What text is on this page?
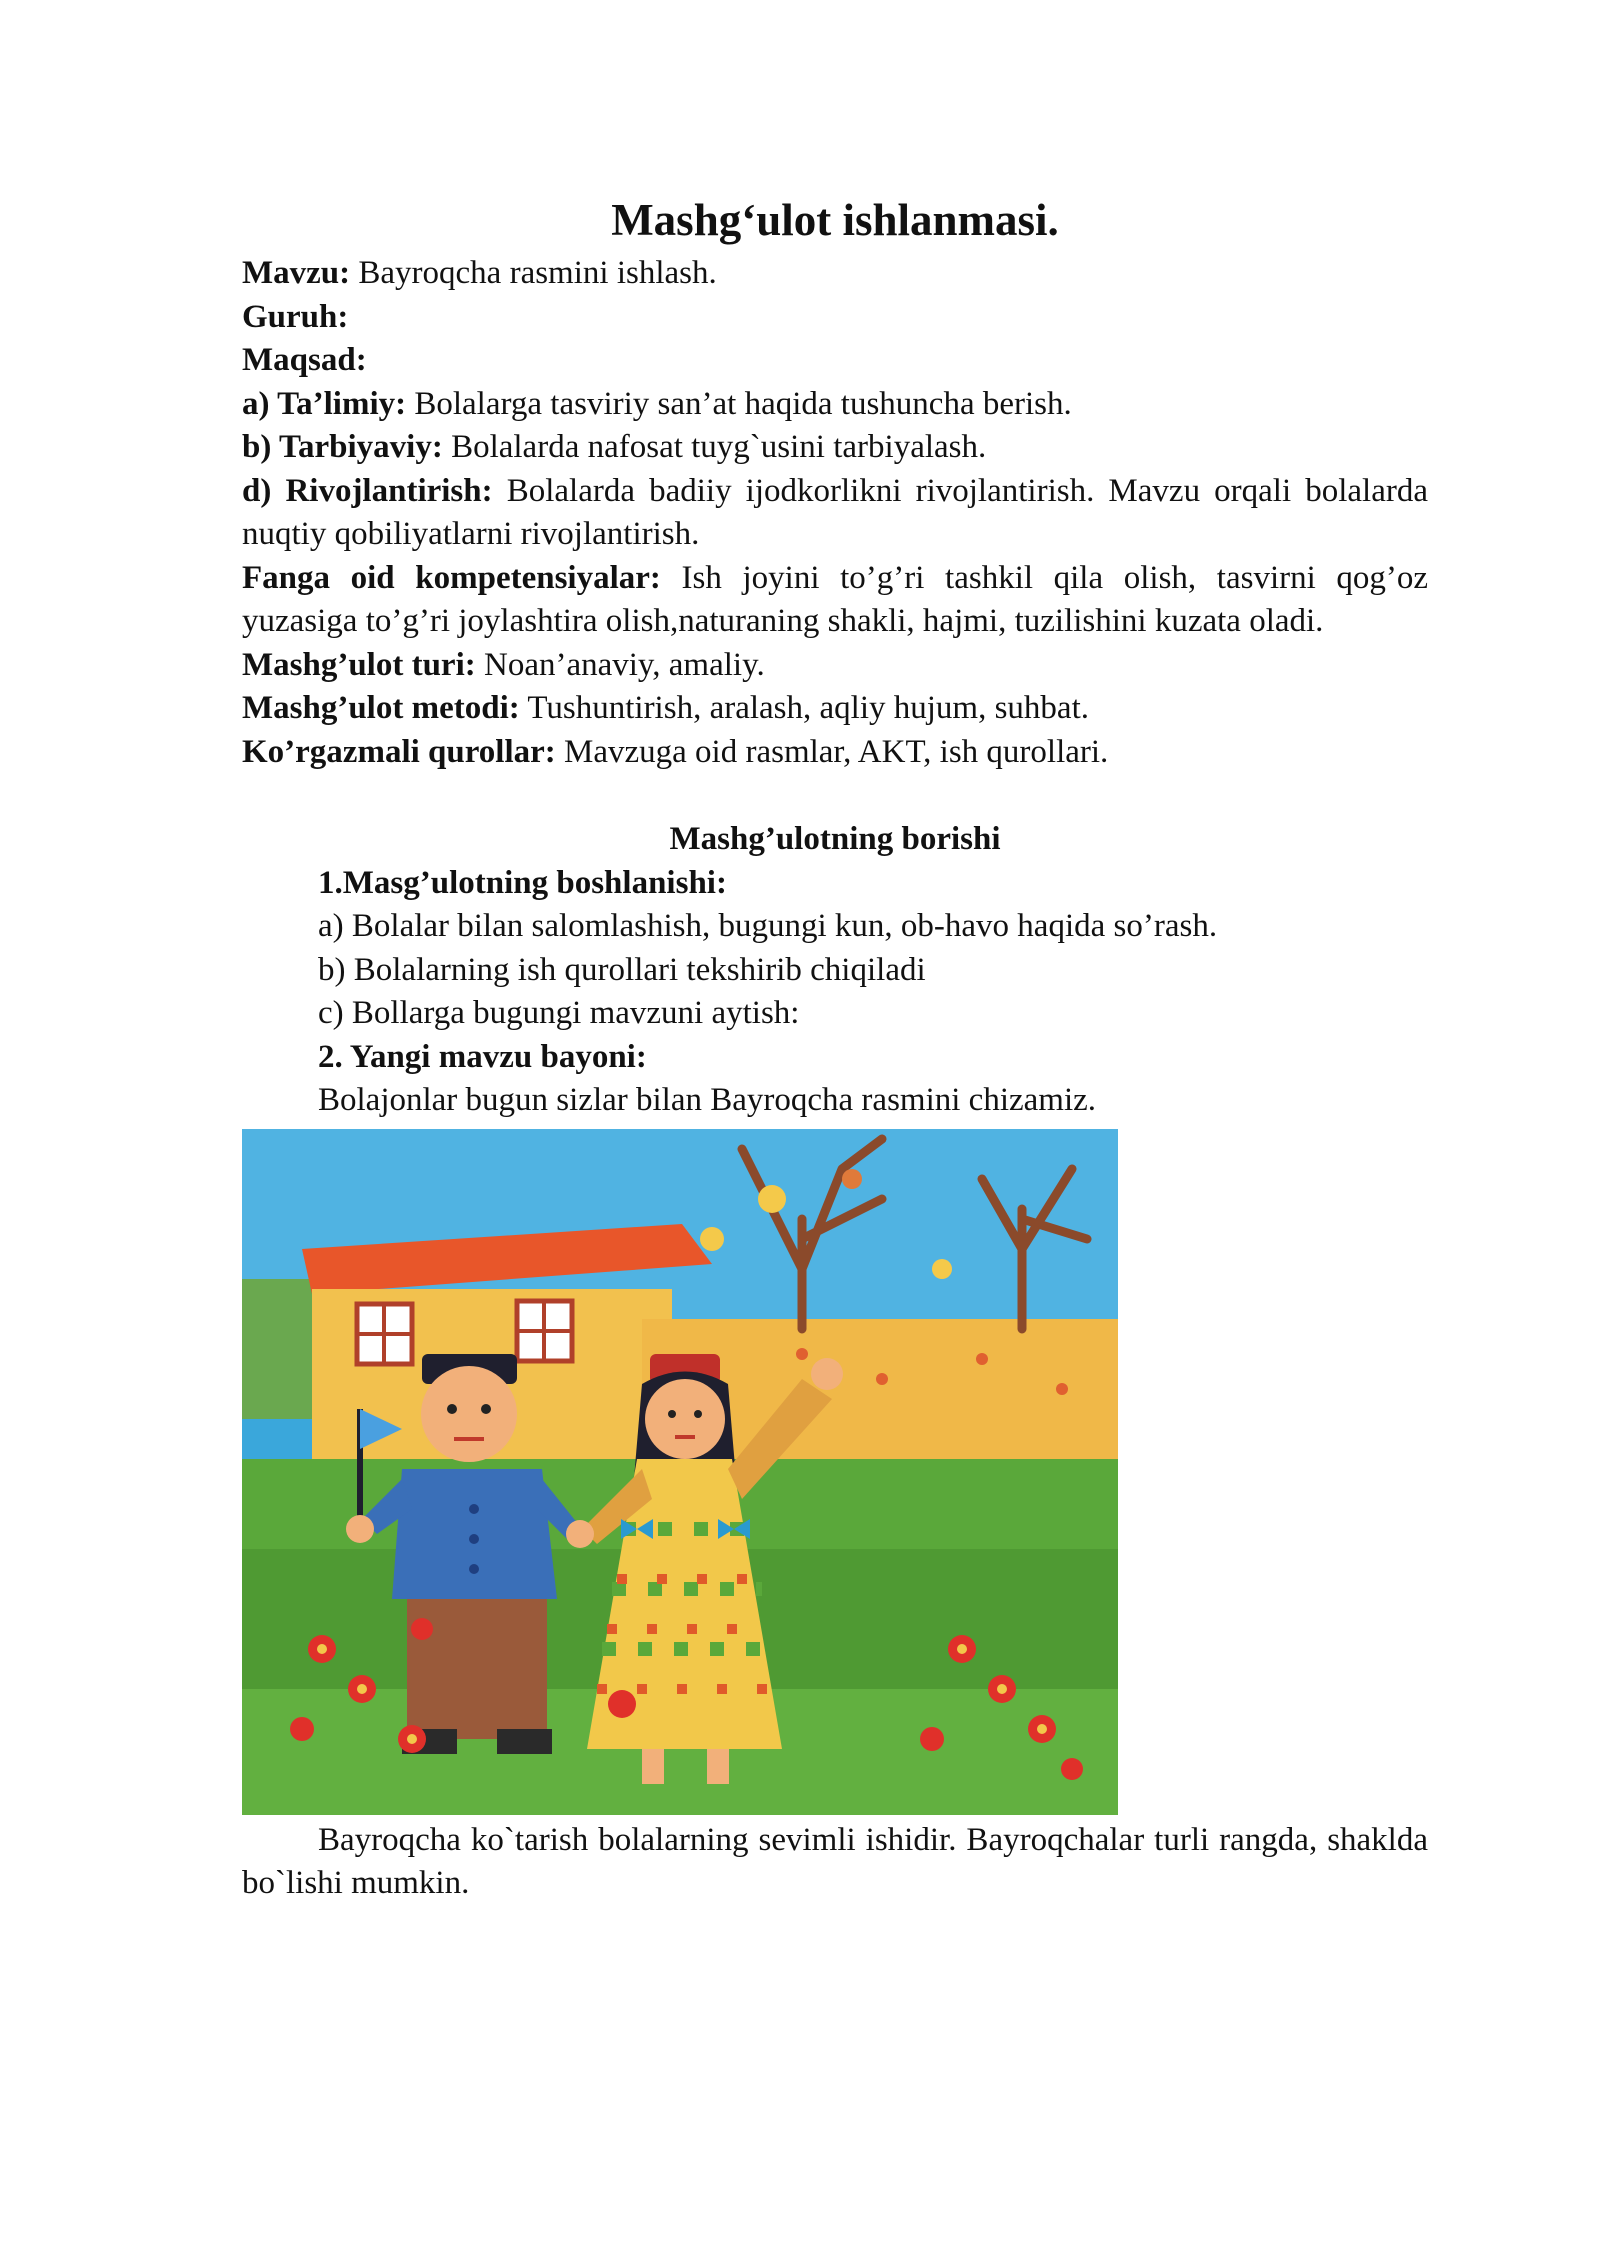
Mashg‘ulot ishlanmasi.

Mavzu: Bayroqcha rasmini ishlash.

Guruh:

Maqsad:

a) Ta’limiy: Bolalarga tasviriy san’at haqida tushuncha berish.

b) Tarbiyaviy: Bolalarda nafosat tuyg`usini tarbiyalash.

d) Rivojlantirish: Bolalarda badiiy ijodkorlikni rivojlantirish. Mavzu orqali bolalarda nuqtiy qobiliyatlarni rivojlantirish.

Fanga oid kompetensiyalar: Ish joyini to’g’ri tashkil qila olish, tasvirni qog’oz yuzasiga to’g’ri joylashtira olish,naturaning shakli, hajmi, tuzilishini kuzata oladi.

Mashg’ulot turi: Noan’anaviy, amaliy.

Mashg’ulot metodi: Tushuntirish, aralash, aqliy hujum, suhbat.

Ko’rgazmali qurollar: Mavzuga oid rasmlar, AKT, ish qurollari.

Mashg’ulotning borishi

1.Masg’ulotning boshlanishi:

a) Bolalar bilan salomlashish, bugungi kun, ob-havo haqida so’rash.

b) Bolalarning ish qurollari tekshirib chiqiladi

c) Bollarga bugungi mavzuni aytish:

2. Yangi mavzu bayoni:

Bolajonlar bugun sizlar bilan Bayroqcha rasmini chizamiz.

Bayroqcha ko`tarish bolalarning sevimli ishidir. Bayroqchalar turli rangda, shaklda bo`lishi mumkin.
